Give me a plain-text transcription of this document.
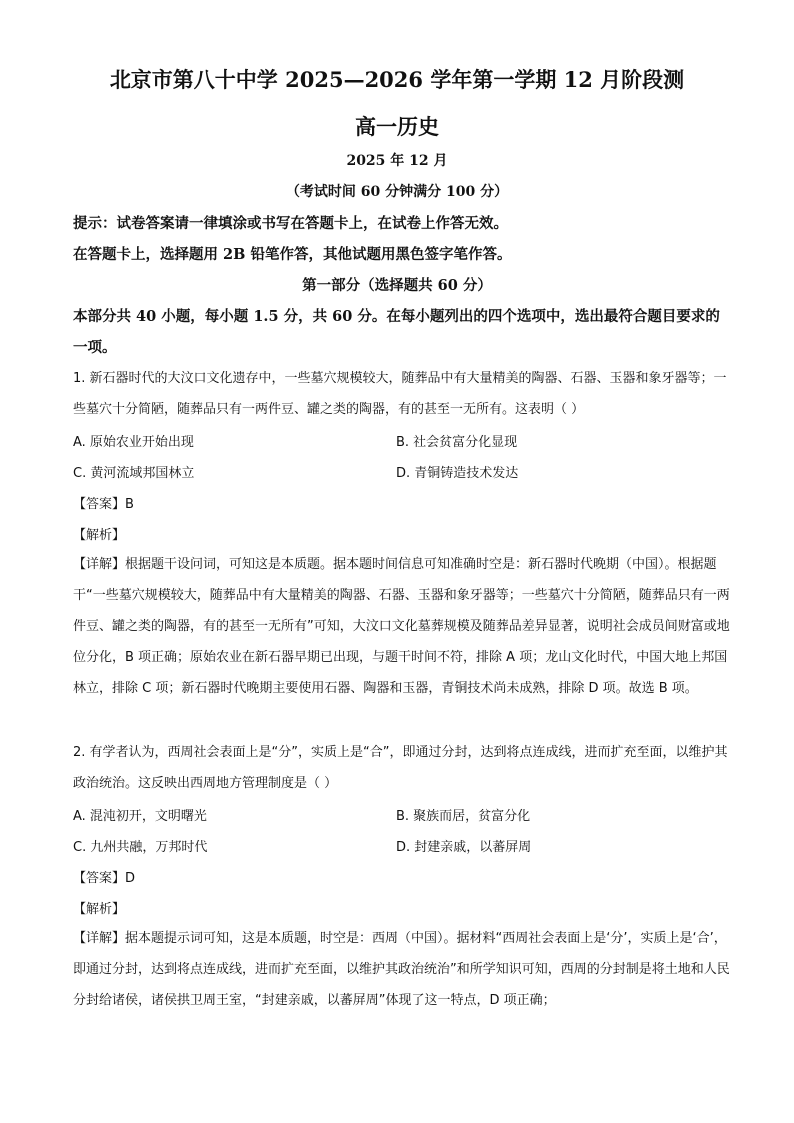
北京市第八十中学 2025—2026 学年第一学期 12 月阶段测
高一历史
2025 年 12 月
（考试时间 60 分钟满分 100 分）
提示：试卷答案请一律填涂或书写在答题卡上，在试卷上作答无效。
在答题卡上，选择题用 2B 铅笔作答，其他试题用黑色签字笔作答。
第一部分（选择题共 60 分）
本部分共 40 小题，每小题 1.5 分，共 60 分。在每小题列出的四个选项中，选出最符合题目要求的一项。
1. 新石器时代的大汶口文化遗存中，一些墓穴规模较大，随葬品中有大量精美的陶器、石器、玉器和象牙器等；一些墓穴十分简陋，随葬品只有一两件豆、罐之类的陶器，有的甚至一无所有。这表明（ ）
A. 原始农业开始出现	B. 社会贫富分化显现
C. 黄河流域邦国林立	D. 青铜铸造技术发达
【答案】B
【解析】
【详解】根据题干设问词，可知这是本质题。据本题时间信息可知准确时空是：新石器时代晚期（中国）。根据题干“一些墓穴规模较大，随葬品中有大量精美的陶器、石器、玉器和象牙器等；一些墓穴十分简陋，随葬品只有一两件豆、罐之类的陶器，有的甚至一无所有”可知，大汶口文化墓葬规模及随葬品差异显著，说明社会成员间财富或地位分化，B 项正确；原始农业在新石器早期已出现，与题干时间不符，排除 A 项；龙山文化时代，中国大地上邦国林立，排除 C 项；新石器时代晚期主要使用石器、陶器和玉器，青铜技术尚未成熟，排除 D 项。故选 B 项。
2. 有学者认为，西周社会表面上是“分”，实质上是“合”，即通过分封，达到将点连成线，进而扩充至面，以维护其政治统治。这反映出西周地方管理制度是（ ）
A. 混沌初开，文明曙光	B. 聚族而居，贫富分化
C. 九州共融，万邦时代	D. 封建亲戚，以蕃屏周
【答案】D
【解析】
【详解】据本题提示词可知，这是本质题，时空是：西周（中国）。据材料“西周社会表面上是‘分’，实质上是‘合’，即通过分封，达到将点连成线，进而扩充至面，以维护其政治统治”和所学知识可知，西周的分封制是将土地和人民分封给诸侯，诸侯拱卫周王室，“封建亲戚，以蕃屏周”体现了这一特点，D 项正确；
